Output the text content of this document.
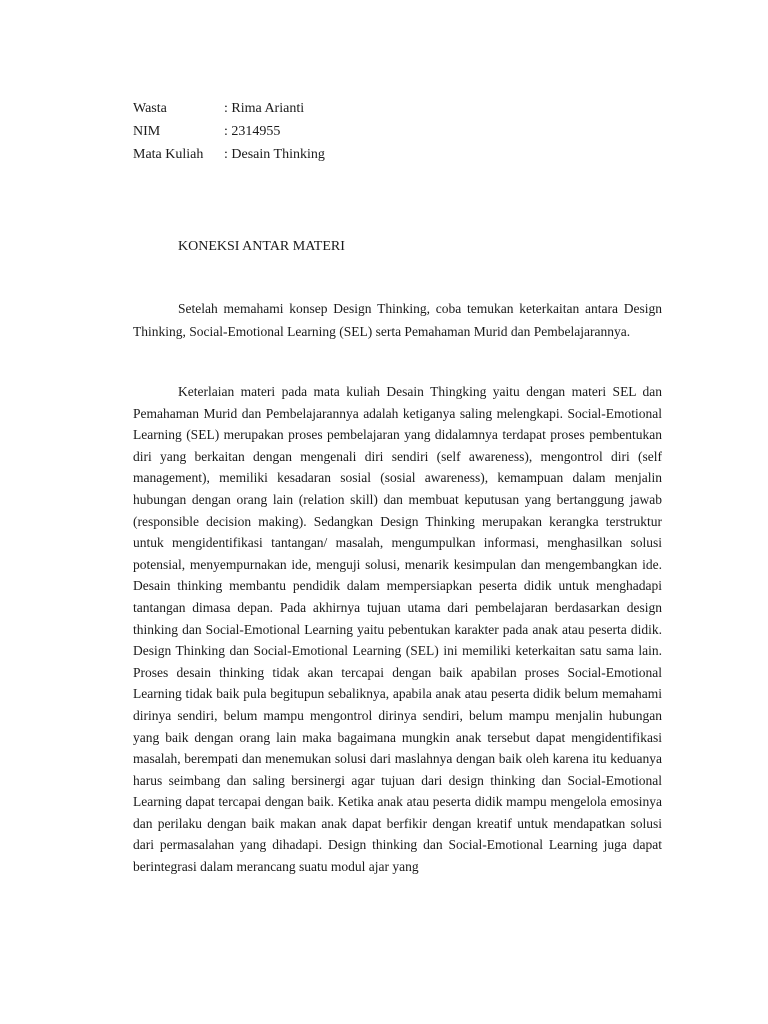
Wasta	: Rima Arianti
NIM	: 2314955
Mata Kuliah	: Desain Thinking
KONEKSI ANTAR MATERI

Setelah memahami konsep Design Thinking, coba temukan keterkaitan antara Design Thinking, Social-Emotional Learning (SEL) serta Pemahaman Murid dan Pembelajarannya.

Keterlaian materi pada mata kuliah Desain Thingking yaitu dengan materi SEL dan Pemahaman Murid dan Pembelajarannya adalah ketiganya saling melengkapi. Social-Emotional Learning (SEL) merupakan proses pembelajaran yang didalamnya terdapat proses pembentukan diri yang berkaitan dengan mengenali diri sendiri (self awareness), mengontrol diri (self management), memiliki kesadaran sosial (sosial awareness), kemampuan dalam menjalin hubungan dengan orang lain (relation skill) dan membuat keputusan yang bertanggung jawab (responsible decision making). Sedangkan Design Thinking merupakan kerangka terstruktur untuk mengidentifikasi tantangan/ masalah, mengumpulkan informasi, menghasilkan solusi potensial, menyempurnakan ide, menguji solusi, menarik kesimpulan dan mengembangkan ide. Desain thinking membantu pendidik dalam mempersiapkan peserta didik untuk menghadapi tantangan dimasa depan. Pada akhirnya tujuan utama dari pembelajaran berdasarkan design thinking dan Social-Emotional Learning yaitu pebentukan karakter pada anak atau peserta didik. Design Thinking dan Social-Emotional Learning (SEL) ini memiliki keterkaitan satu sama lain. Proses desain thinking tidak akan tercapai dengan baik apabilan proses Social-Emotional Learning tidak baik pula begitupun sebaliknya, apabila anak atau peserta didik belum memahami dirinya sendiri, belum mampu mengontrol dirinya sendiri, belum mampu menjalin hubungan yang baik dengan orang lain maka bagaimana mungkin anak tersebut dapat mengidentifikasi masalah, berempati dan menemukan solusi dari maslahnya dengan baik oleh karena itu keduanya harus seimbang dan saling bersinergi agar tujuan dari design thinking dan Social-Emotional Learning dapat tercapai dengan baik. Ketika anak atau peserta didik mampu mengelola emosinya dan perilaku dengan baik makan anak dapat berfikir dengan kreatif untuk mendapatkan solusi dari permasalahan yang dihadapi. Design thinking dan Social-Emotional Learning juga dapat berintegrasi dalam merancang suatu modul ajar yang
